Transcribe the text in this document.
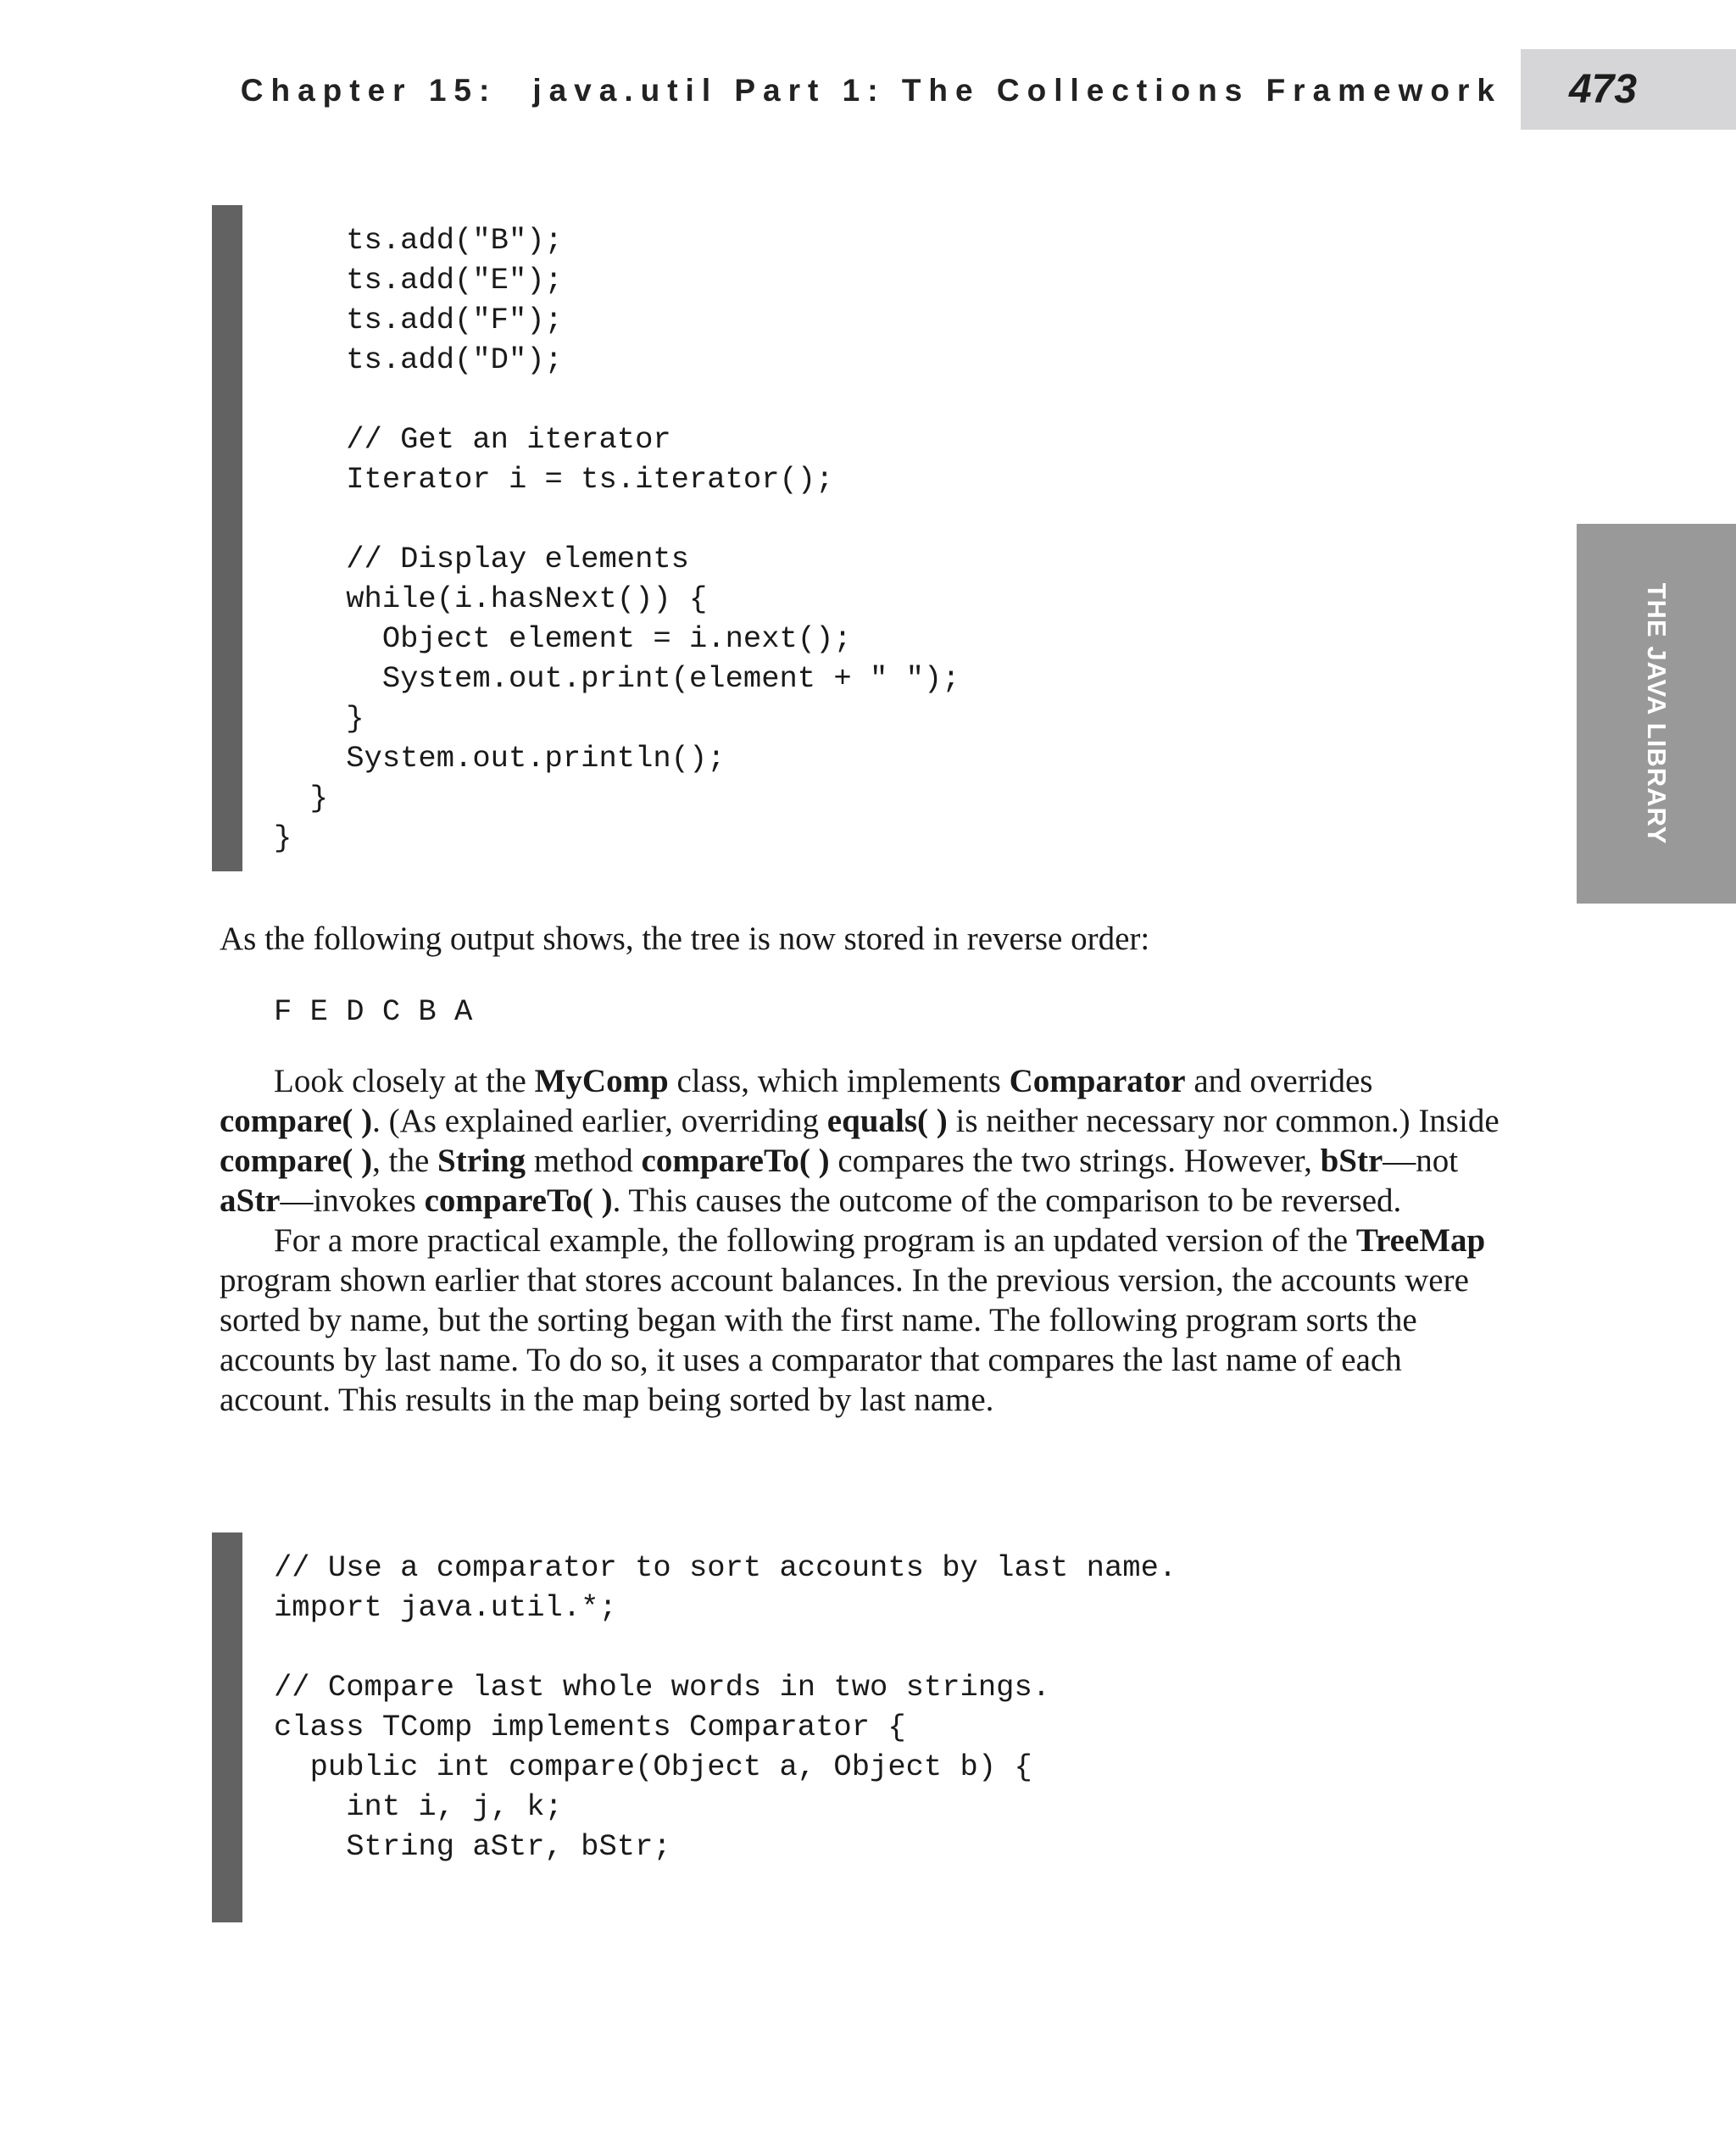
Chapter 15: java.util Part 1: The Collections Framework	473
THE JAVA LIBRARY
ts.add("B");
ts.add("E");
ts.add("F");
ts.add("D");
// Get an iterator
Iterator i = ts.iterator();
// Display elements
while(i.hasNext()) {
Object element = i.next();
System.out.print(element + " ");
}
System.out.println();
}
}

As the following output shows, the tree is now stored in reverse order:

F E D C B A

Look closely at the MyComp class, which implements Comparator and overrides compare( ). (As explained earlier, overriding equals( ) is neither necessary nor common.) Inside compare( ), the String method compareTo( ) compares the two strings. However, bStr—not aStr—invokes compareTo( ). This causes the outcome of the comparison to be reversed.

For a more practical example, the following program is an updated version of the TreeMap program shown earlier that stores account balances. In the previous version, the accounts were sorted by name, but the sorting began with the first name. The following program sorts the accounts by last name. To do so, it uses a comparator that compares the last name of each account. This results in the map being sorted by last name.

// Use a comparator to sort accounts by last name.
import java.util.*;
// Compare last whole words in two strings.
class TComp implements Comparator {
public int compare(Object a, Object b) {
int i, j, k;
String aStr, bStr;
